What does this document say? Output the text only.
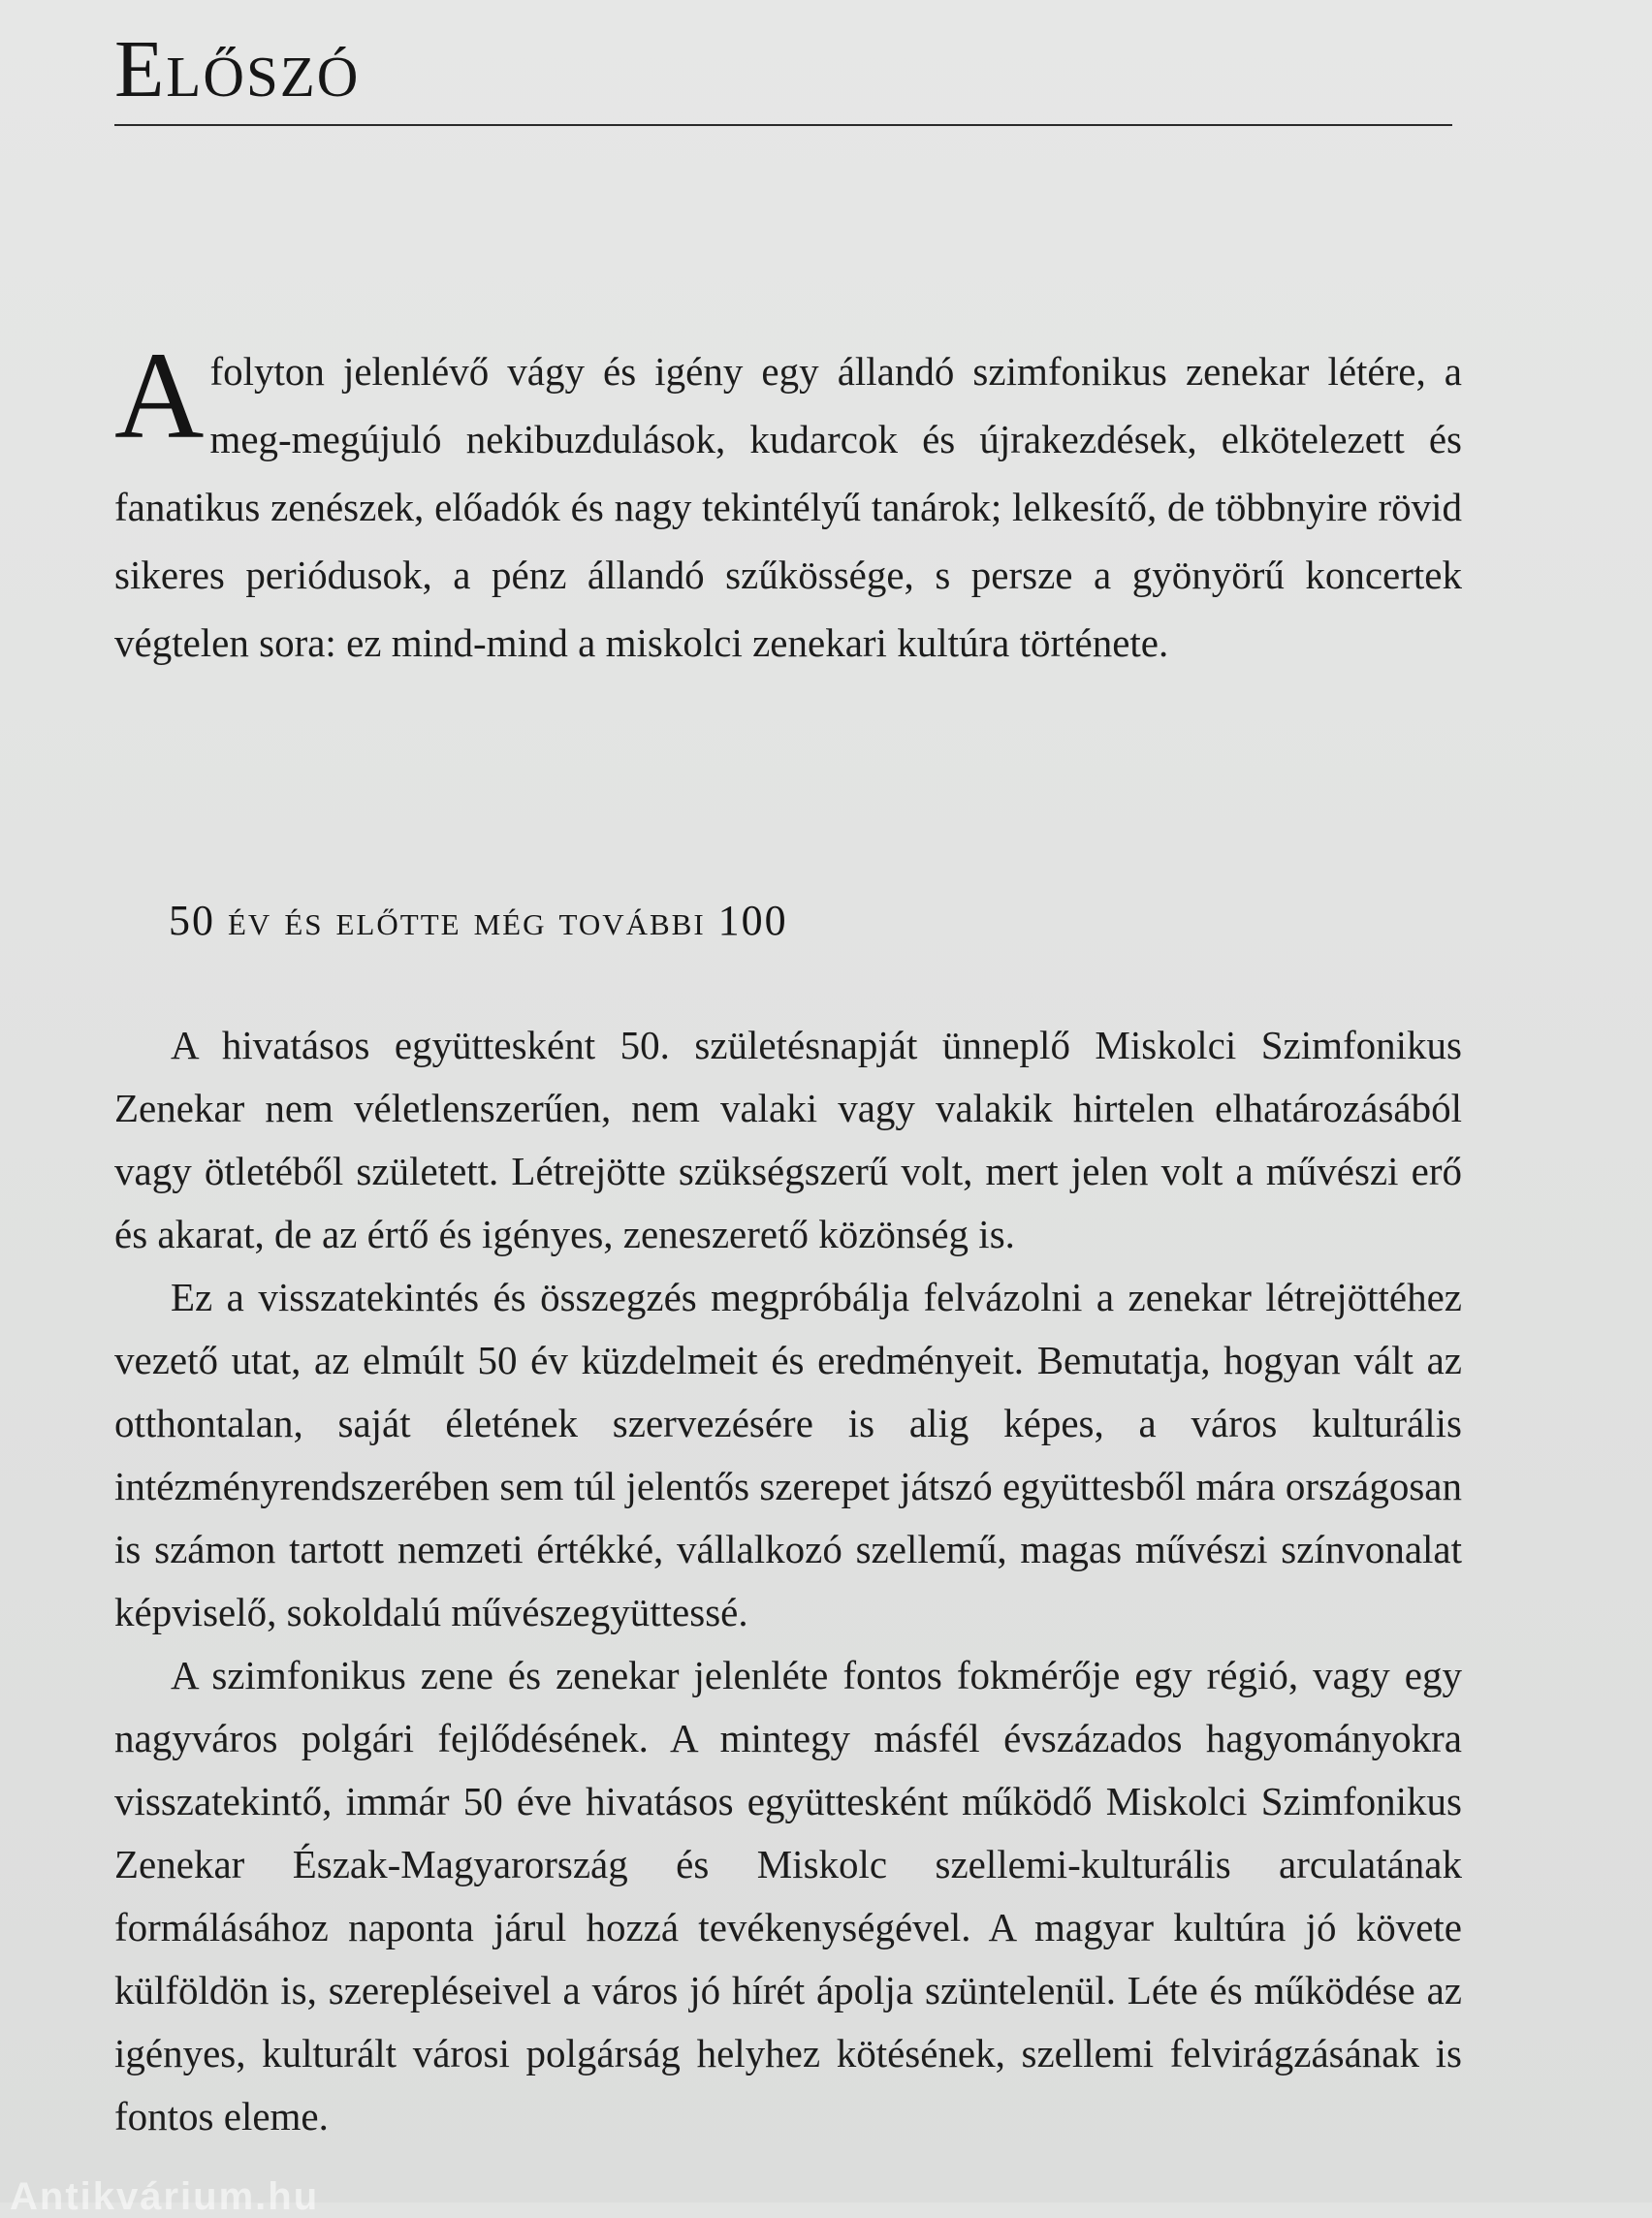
Előszó

Afolyton jelenlévő vágy és igény egy állandó szimfonikus zenekar létére, a meg-megújuló nekibuzdulások, kudarcok és újrakezdések, elkötelezett és fanatikus zenészek, előadók és nagy tekintélyű tanárok; lelkesítő, de többnyire rövid sikeres periódusok, a pénz állandó szűkössége, s persze a gyönyörű koncertek végtelen sora: ez mind-mind a miskolci zenekari kultúra története.

50 év és előtte még további 100

A hivatásos együttesként 50. születésnapját ünneplő Miskolci Szimfonikus Zenekar nem véletlenszerűen, nem valaki vagy valakik hirtelen elhatározásából vagy ötletéből született. Létrejötte szükségszerű volt, mert jelen volt a művészi erő és akarat, de az értő és igényes, zeneszerető közönség is.

Ez a visszatekintés és összegzés megpróbálja felvázolni a zenekar létrejöttéhez vezető utat, az elmúlt 50 év küzdelmeit és eredményeit. Bemutatja, hogyan vált az otthontalan, saját életének szervezésére is alig képes, a város kulturális intézményrendszerében sem túl jelentős szerepet játszó együttesből mára országosan is számon tartott nemzeti értékké, vállalkozó szellemű, magas művészi színvonalat képviselő, sokoldalú művészegyüttessé.

A szimfonikus zene és zenekar jelenléte fontos fokmérője egy régió, vagy egy nagyváros polgári fejlődésének. A mintegy másfél évszázados hagyományokra visszatekintő, immár 50 éve hivatásos együttesként működő Miskolci Szimfonikus Zenekar Észak-Magyarország és Miskolc szellemi-kulturális arculatának formálásához naponta járul hozzá tevékenységével. A magyar kultúra jó követe külföldön is, szerepléseivel a város jó hírét ápolja szüntelenül. Léte és működése az igényes, kulturált városi polgárság helyhez kötésének, szellemi felvirágzásának is fontos eleme.

Antikvárium.hu
